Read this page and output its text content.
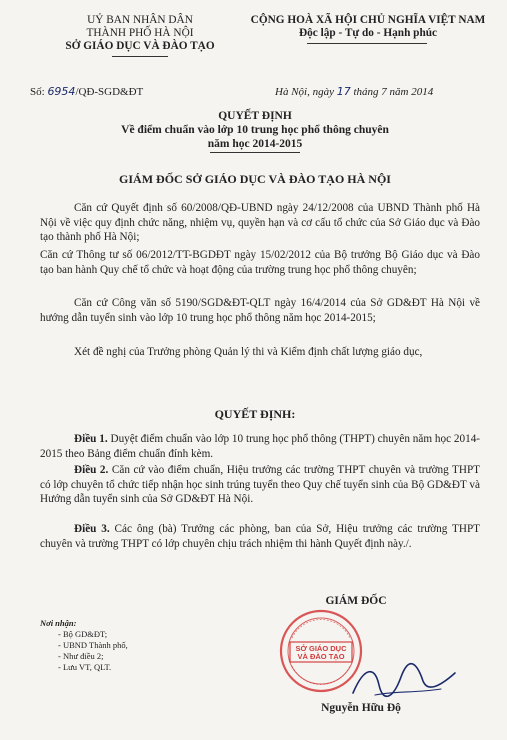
UỶ BAN NHÂN DÂN
THÀNH PHỐ HÀ NỘI
SỞ GIÁO DỤC VÀ ĐÀO TẠO
CỘNG HOÀ XÃ HỘI CHỦ NGHĨA VIỆT NAM
Độc lập - Tự do - Hạnh phúc
Số: 6954/QĐ-SGD&ĐT	Hà Nội, ngày 17 tháng 7 năm 2014
QUYẾT ĐỊNH
Về điểm chuẩn vào lớp 10 trung học phổ thông chuyên
năm học 2014-2015
GIÁM ĐỐC SỞ GIÁO DỤC VÀ ĐÀO TẠO HÀ NỘI
Căn cứ Quyết định số 60/2008/QĐ-UBND ngày 24/12/2008 của UBND Thành phố Hà Nội về việc quy định chức năng, nhiệm vụ, quyền hạn và cơ cấu tổ chức của Sở Giáo dục và Đào tạo thành phố Hà Nội;
Căn cứ Thông tư số 06/2012/TT-BGDĐT ngày 15/02/2012 của Bộ trưởng Bộ Giáo dục và Đào tạo ban hành Quy chế tổ chức và hoạt động của trường trung học phổ thông chuyên;
Căn cứ Công văn số 5190/SGD&ĐT-QLT ngày 16/4/2014 của Sở GD&ĐT Hà Nội về hướng dẫn tuyển sinh vào lớp 10 trung học phổ thông năm học 2014-2015;
Xét đề nghị của Trưởng phòng Quản lý thi và Kiểm định chất lượng giáo dục,
QUYẾT ĐỊNH:
Điều 1. Duyệt điểm chuẩn vào lớp 10 trung học phổ thông (THPT) chuyên năm học 2014-2015 theo Bảng điểm chuẩn đính kèm.
Điều 2. Căn cứ vào điểm chuẩn, Hiệu trưởng các trường THPT chuyên và trường THPT có lớp chuyên tổ chức tiếp nhận học sinh trúng tuyển theo Quy chế tuyển sinh của Bộ GD&ĐT và Hướng dẫn tuyển sinh của Sở GD&ĐT Hà Nội.
Điều 3. Các ông (bà) Trưởng các phòng, ban của Sở, Hiệu trưởng các trường THPT chuyên và trường THPT có lớp chuyên chịu trách nhiệm thi hành Quyết định này./.
GIÁM ĐỐC
Nơi nhận:
- Bộ GD&ĐT;
- UBND Thành phố,
- Như điều 2;
- Lưu VT, QLT.
SỞ GIÁO DỤC
VÀ ĐÀO TẠO
Nguyễn Hữu Độ
